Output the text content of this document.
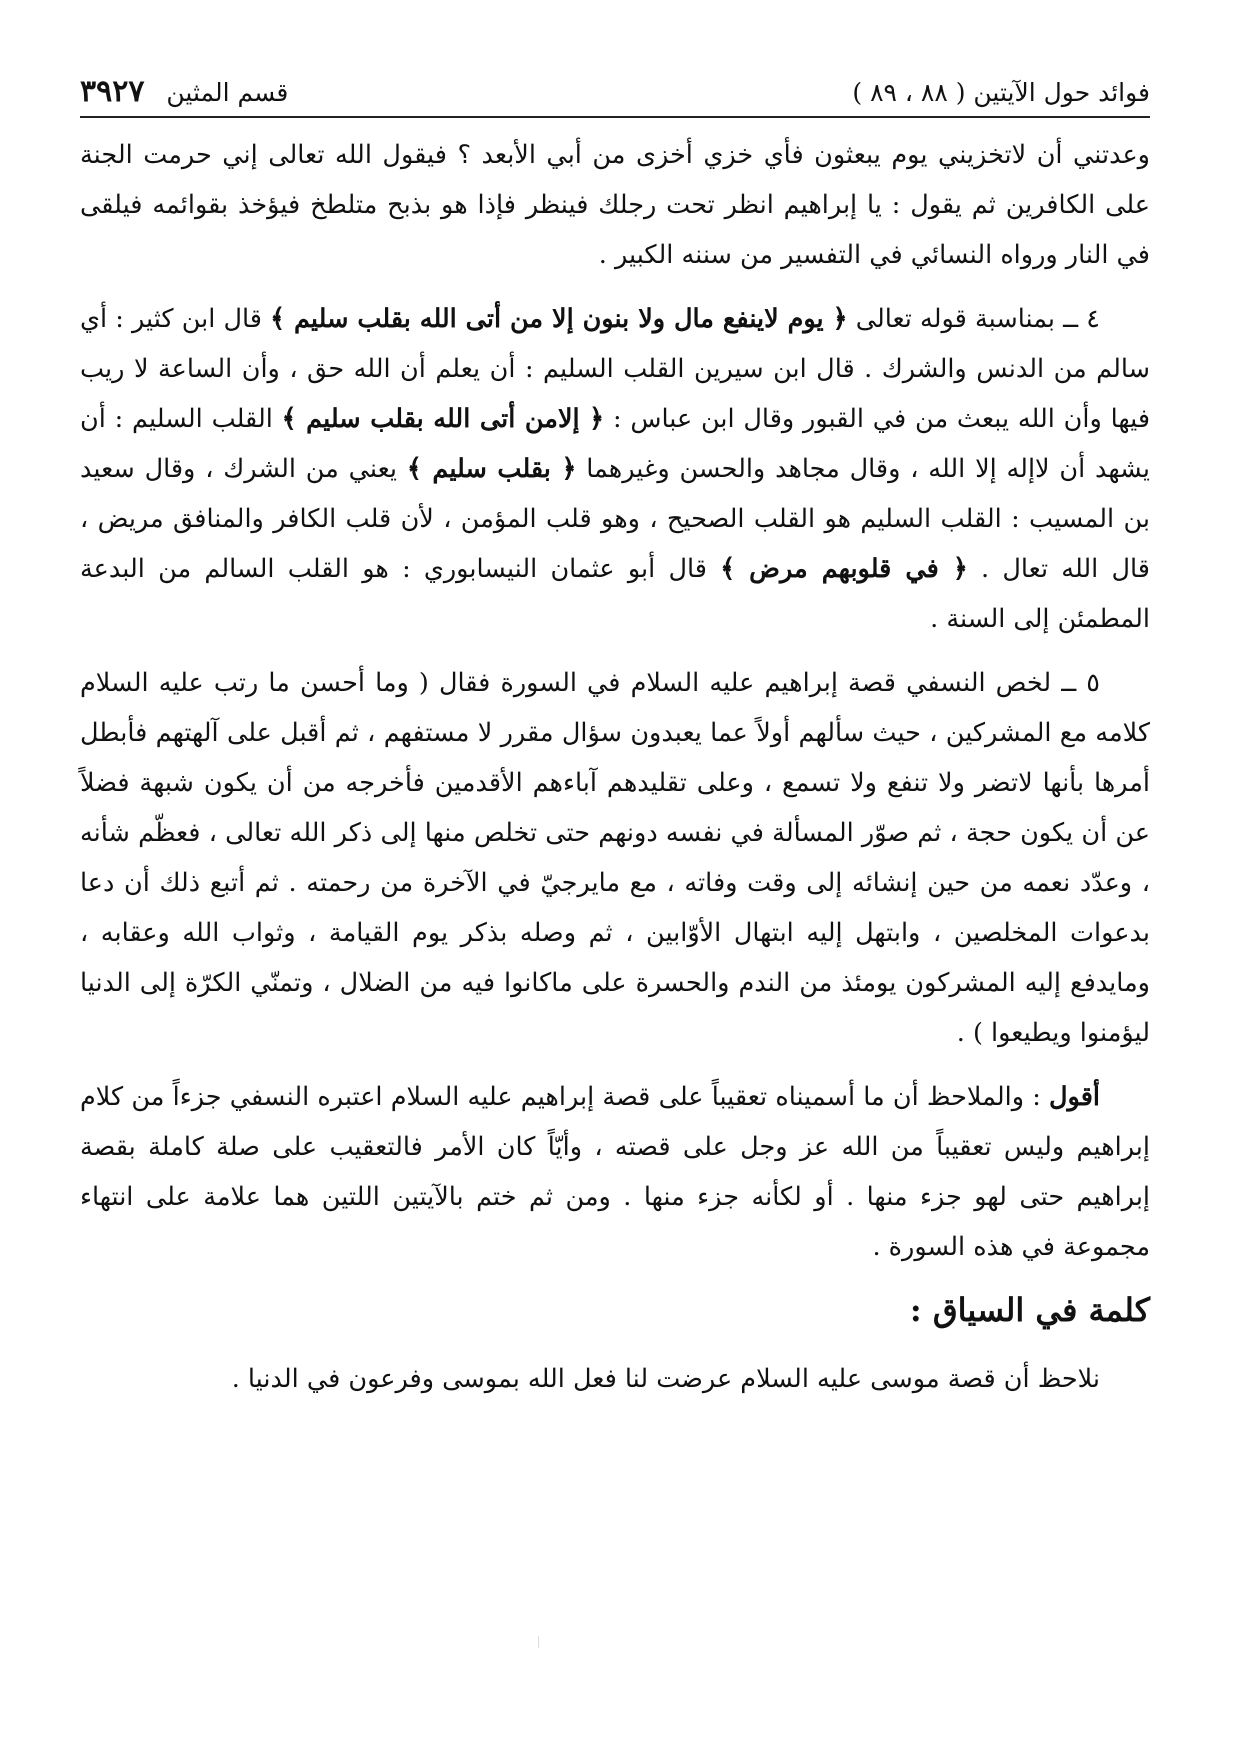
فوائد حول الآيتين ( ٨٨ ، ٨٩ )
قسم المثين ٣٩٢٧

وعدتني أن لاتخزيني يوم يبعثون فأي خزي أخزى من أبي الأبعد ؟ فيقول الله تعالى إني حرمت الجنة على الكافرين ثم يقول : يا إبراهيم انظر تحت رجلك فينظر فإذا هو بذبح متلطخ فيؤخذ بقوائمه فيلقى في النار ورواه النسائي في التفسير من سننه الكبير .

٤ ــ بمناسبة قوله تعالى ﴿ يوم لاينفع مال ولا بنون إلا من أتى الله بقلب سليم ﴾ قال ابن كثير : أي سالم من الدنس والشرك . قال ابن سيرين القلب السليم : أن يعلم أن الله حق ، وأن الساعة لا ريب فيها وأن الله يبعث من في القبور وقال ابن عباس : ﴿ إلامن أتى الله بقلب سليم ﴾ القلب السليم : أن يشهد أن لاإله إلا الله ، وقال مجاهد والحسن وغيرهما ﴿ بقلب سليم ﴾ يعني من الشرك ، وقال سعيد بن المسيب : القلب السليم هو القلب الصحيح ، وهو قلب المؤمن ، لأن قلب الكافر والمنافق مريض ، قال الله تعال . ﴿ في قلوبهم مرض ﴾ قال أبو عثمان النيسابوري : هو القلب السالم من البدعة المطمئن إلى السنة .

٥ ــ لخص النسفي قصة إبراهيم عليه السلام في السورة فقال ( وما أحسن ما رتب عليه السلام كلامه مع المشركين ، حيث سألهم أولاً عما يعبدون سؤال مقرر لا مستفهم ، ثم أقبل على آلهتهم فأبطل أمرها بأنها لاتضر ولا تنفع ولا تسمع ، وعلى تقليدهم آباءهم الأقدمين فأخرجه من أن يكون شبهة فضلاً عن أن يكون حجة ، ثم صوّر المسألة في نفسه دونهم حتى تخلص منها إلى ذكر الله تعالى ، فعظّم شأنه ، وعدّد نعمه من حين إنشائه إلى وقت وفاته ، مع مايرجيّ في الآخرة من رحمته . ثم أتبع ذلك أن دعا بدعوات المخلصين ، وابتهل إليه ابتهال الأوّابين ، ثم وصله بذكر يوم القيامة ، وثواب الله وعقابه ، ومايدفع إليه المشركون يومئذ من الندم والحسرة على ماكانوا فيه من الضلال ، وتمنّي الكرّة إلى الدنيا ليؤمنوا ويطيعوا ) .

أقول : والملاحظ أن ما أسميناه تعقيباً على قصة إبراهيم عليه السلام اعتبره النسفي جزءاً من كلام إبراهيم وليس تعقيباً من الله عز وجل على قصته ، وأيّاً كان الأمر فالتعقيب على صلة كاملة بقصة إبراهيم حتى لهو جزء منها . أو لكأنه جزء منها . ومن ثم ختم بالآيتين اللتين هما علامة على انتهاء مجموعة في هذه السورة .

كلمة في السياق :

نلاحظ أن قصة موسى عليه السلام عرضت لنا فعل الله بموسى وفرعون في الدنيا .
